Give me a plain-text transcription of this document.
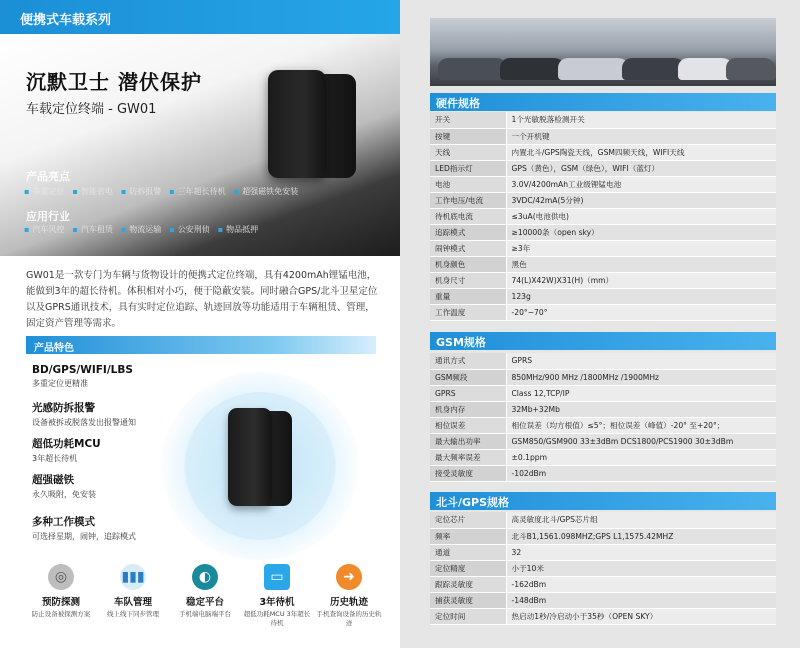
便携式车载系列
沉默卫士 潜伏保护
车载定位终端 - GW01
产品亮点
▪ 多重定位 ▪ 智能省电 ▪ 防拆报警 ▪ 三年超长待机 ▪ 超强磁铁免安装
应用行业
▪ 汽车风控 ▪ 汽车租赁 ▪ 物流运输 ▪ 公安刑侦 ▪ 物品抵押
GW01是一款专门为车辆与货物设计的便携式定位终端，具有4200mAh锂锰电池，能做到3年的超长待机。体积相对小巧，便于隐蔽安装。同时融合GPS/北斗卫星定位以及GPRS通讯技术，具有实时定位追踪、轨迹回放等功能适用于车辆租赁、管理，固定资产管理等需求。
产品特色
BD/GPS/WIFI/LBS
多重定位更精准
光感防拆报警
设备被拆或脱落发出报警通知
超低功耗MCU
3年超长待机
超强磁铁
永久吸附，免安装
多种工作模式
可选择星期，闹钟，追踪模式
◎
预防探测
防止设备被探测方案
▮▮▮
车队管理
线上线下同步管理
◐
稳定平台
手机端电脑端平台
▭
3年待机
超低功耗MCU 3年超长待机
➜
历史轨迹
手机查询设备的历史轨迹
硬件规格
开关	1个光敏脱落检测开关
按键	一个开机键
天线	内置北斗/GPS陶瓷天线，GSM四频天线，WIFI天线
LED指示灯	GPS（黄色），GSM（绿色），WIFI（蓝灯）
电池	3.0V/4200mAh工业级锂锰电池
工作电压/电流	3VDC/42mA(5分钟)
待机底电流	≤3uA(电池供电)
追踪模式	≥10000条（open sky）
闹钟模式	≥3年
机身颜色	黑色
机身尺寸	74(L)X42W)X31(H)（mm）
重量	123g
工作温度	-20°~70°
GSM规格
通讯方式	GPRS
GSM频段	850MHz/900 MHz /1800MHz /1900MHz
GPRS	Class 12,TCP/IP
机身内存	32Mb+32Mb
相位误差	相位误差（均方根值）≤5°；相位误差（峰值）-20° 至+20°；
最大输出功率	GSM850/GSM900 33±3dBm DCS1800/PCS1900 30±3dBm
最大频率误差	±0.1ppm
接受灵敏度	-102dBm
北斗/GPS规格
定位芯片	高灵敏度北斗/GPS芯片组
频率	北斗B1,1561.098MHZ;GPS L1,1575.42MHZ
通道	32
定位精度	小于10米
跟踪灵敏度	-162dBm
捕获灵敏度	-148dBm
定位时间	热启动1秒/冷启动小于35秒（OPEN SKY）
